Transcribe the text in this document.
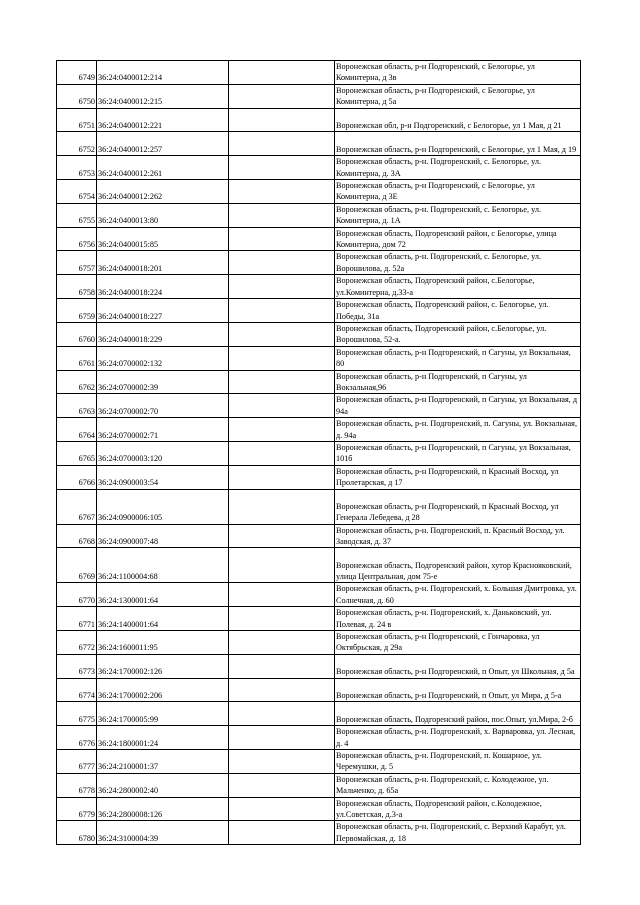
6749	36:24:0400012:214		Воронежская область, р-н Подгоренский, с Белогорье, ул Коминтерна, д 3в
6750	36:24:0400012:215		Воронежская область, р-н Подгоренский, с Белогорье, ул Коминтерна, д 5а
6751	36:24:0400012:221		Воронежская обл, р-н Подгоренский, с Белогорье, ул 1 Мая, д 21
6752	36:24:0400012:257		Воронежская область, р-н Подгоренский, с Белогорье, ул 1 Мая, д 19
6753	36:24:0400012:261		Воронежская область, р-н. Подгоренский, с. Белогорье, ул. Коминтерна, д. 3А
6754	36:24:0400012:262		Воронежская область, р-н Подгоренский, с Белогорье, ул Коминтерна, д 3Е
6755	36:24:0400013:80		Воронежская область, р-н. Подгоренский, с. Белогорье, ул. Коминтерна, д. 1А
6756	36:24:0400015:85		Воронежская область, Подгоренский район, с Белогорье, улица Коминтерна, дом 72
6757	36:24:0400018:201		Воронежская область, р-н. Подгоренский, с. Белогорье, ул. Ворошилова, д. 52а
6758	36:24:0400018:224		Воронежская область, Подгоренский район, с.Белогорье, ул.Коминтерна, д.33-а
6759	36:24:0400018:227		Воронежская область, Подгоренский район, с. Белогорье, ул. Победы, 31а
6760	36:24:0400018:229		Воронежская область, Подгоренский район, с.Белогорье, ул. Ворошилова, 52-а.
6761	36:24:0700002:132		Воронежская область, р-н Подгоренский, п Сагуны, ул Вокзальная, 80
6762	36:24:0700002:39		Воронежская область, р-н Подгоренский, п Сагуны, ул Вокзальная,96
6763	36:24:0700002:70		Воронежская область, р-н Подгоренский, п Сагуны, ул Вокзальная, д 94а
6764	36:24:0700002:71		Воронежская область, р-н. Подгоренский, п. Сагуны, ул. Вокзальная, д. 94а
6765	36:24:0700003:120		Воронежская область, р-н Подгоренский, п Сагуны, ул Вокзальная, 101б
6766	36:24:0900003:54		Воронежская область, р-н Подгоренский, п Красный Восход, ул Пролетарская, д 17
6767	36:24:0900006:105		Воронежская область, р-н Подгоренский, п Красный Восход, ул Генерала Лебедева, д 28
6768	36:24:0900007:48		Воронежская область, р-н. Подгоренский, п. Красный Восход, ул. Заводская, д. 37
6769	36:24:1100004:68		Воронежская область, Подгоренский район, хутор Краснояковский, улица Центральная, дом 75-е
6770	36:24:1300001:64		Воронежская область, р-н. Подгоренский, х. Большая Дмитровка, ул. Солнечная, д. 60
6771	36:24:1400001:64		Воронежская область, р-н. Подгоренский, х. Даньковский, ул. Полевая, д. 24 в
6772	36:24:1600011:95		Воронежская область, р-н Подгоренский, с Гончаровка, ул Октябрьская, д 29а
6773	36:24:1700002:126		Воронежская область, р-н Подгоренский, п Опыт, ул Школьная, д 5а
6774	36:24:1700002:206		Воронежская область, р-н Подгоренский, п Опыт, ул Мира, д 5-а
6775	36:24:1700005:99		Воронежская область, Подгоренский район, пос.Опыт, ул.Мира, 2-б
6776	36:24:1800001:24		Воронежская область, р-н. Подгоренский, х. Варваровка, ул. Лесная, д. 4
6777	36:24:2100001:37		Воронежская область, р-н. Подгоренский, п. Кошарное, ул. Черемушки, д. 5
6778	36:24:2800002:40		Воронежская область, р-н. Подгоренский, с. Колодежное, ул. Мальченко, д. 65а
6779	36:24:2800008:126		Воронежская область, Подгоренский район, с.Колодежное, ул.Советская, д.3-а
6780	36:24:3100004:39		Воронежская область, р-н. Подгоренский, с. Верхний Карабут, ул. Первомайская, д. 18
